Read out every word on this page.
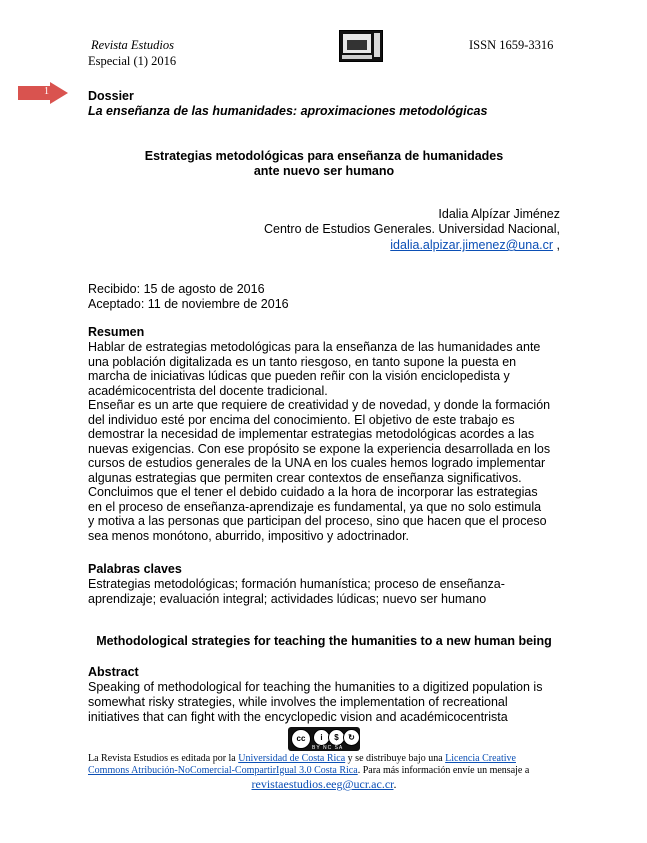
Revista Estudios
Especial (1) 2016
ISSN 1659-3316
1	Dossier
La enseñanza de las humanidades: aproximaciones metodológicas
Estrategias metodológicas para enseñanza de humanidades
ante nuevo ser humano
Idalia Alpízar Jiménez
Centro de Estudios Generales. Universidad Nacional,
idalia.alpizar.jimenez@una.cr ,
Recibido: 15 de agosto de 2016
Aceptado: 11 de noviembre de 2016
Resumen
Hablar de estrategias metodológicas para la enseñanza de las humanidades ante
una población digitalizada es un tanto riesgoso, en tanto supone la puesta en
marcha de iniciativas lúdicas que pueden reñir con la visión enciclopedista y
académicocentrista del docente tradicional.
Enseñar es un arte que requiere de creatividad y de novedad, y donde la formación
del individuo esté por encima del conocimiento. El objetivo de este trabajo es
demostrar la necesidad de implementar estrategias metodológicas acordes a las
nuevas exigencias. Con ese propósito se expone la experiencia desarrollada en los
cursos de estudios generales de la UNA en los cuales hemos logrado implementar
algunas estrategias que permiten crear contextos de enseñanza significativos.
Concluimos que el tener el debido cuidado a la hora de incorporar las estrategias
en el proceso de enseñanza-aprendizaje es fundamental, ya que no solo estimula
y motiva a las personas que participan del proceso, sino que hacen que el proceso
sea menos monótono, aburrido, impositivo y adoctrinador.
Palabras claves
Estrategias metodológicas; formación humanística; proceso de enseñanza-
aprendizaje; evaluación integral; actividades lúdicas; nuevo ser humano
Methodological strategies for teaching the humanities to a new human being
Abstract
Speaking of methodological for teaching the humanities to a digitized population is
somewhat risky strategies, while involves the implementation of recreational
initiatives that can fight with the encyclopedic vision and académicocentrista
cc	i	$	↻
BY NC SA
La Revista Estudios es editada por la Universidad de Costa Rica y se distribuye bajo una Licencia Creative
Commons Atribución-NoComercial-CompartirIgual 3.0 Costa Rica. Para más información envíe un mensaje a
revistaestudios.eeg@ucr.ac.cr.
